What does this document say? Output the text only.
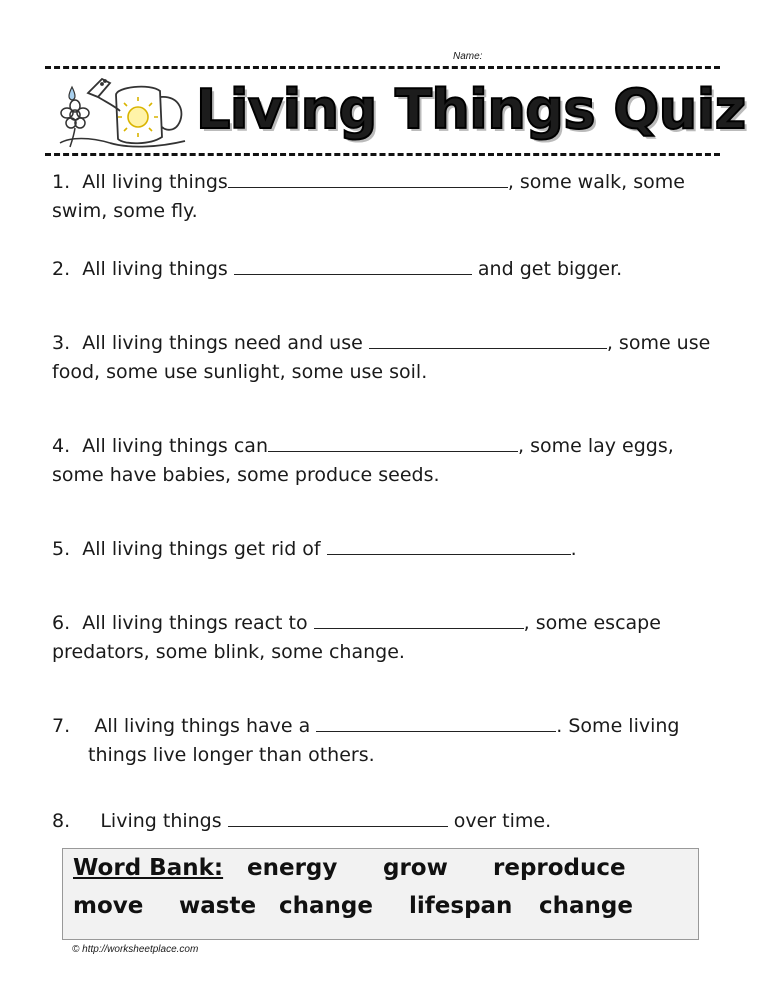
Name:
Living Things Quiz
1. All living things	, some walk, some
swim, some fly.
2. All living things	and get bigger.
3. All living things need and use	, some use
food, some use sunlight, some use soil.
4. All living things can	, some lay eggs,
some have babies, some produce seeds.
5. All living things get rid of	.
6. All living things react to	, some escape
predators, some blink, some change.
7. All living things have a	. Some living
things live longer than others.
8. Living things	over time.
Word Bank: energy grow reproduce
move waste change lifespan change
© http://worksheetplace.com
